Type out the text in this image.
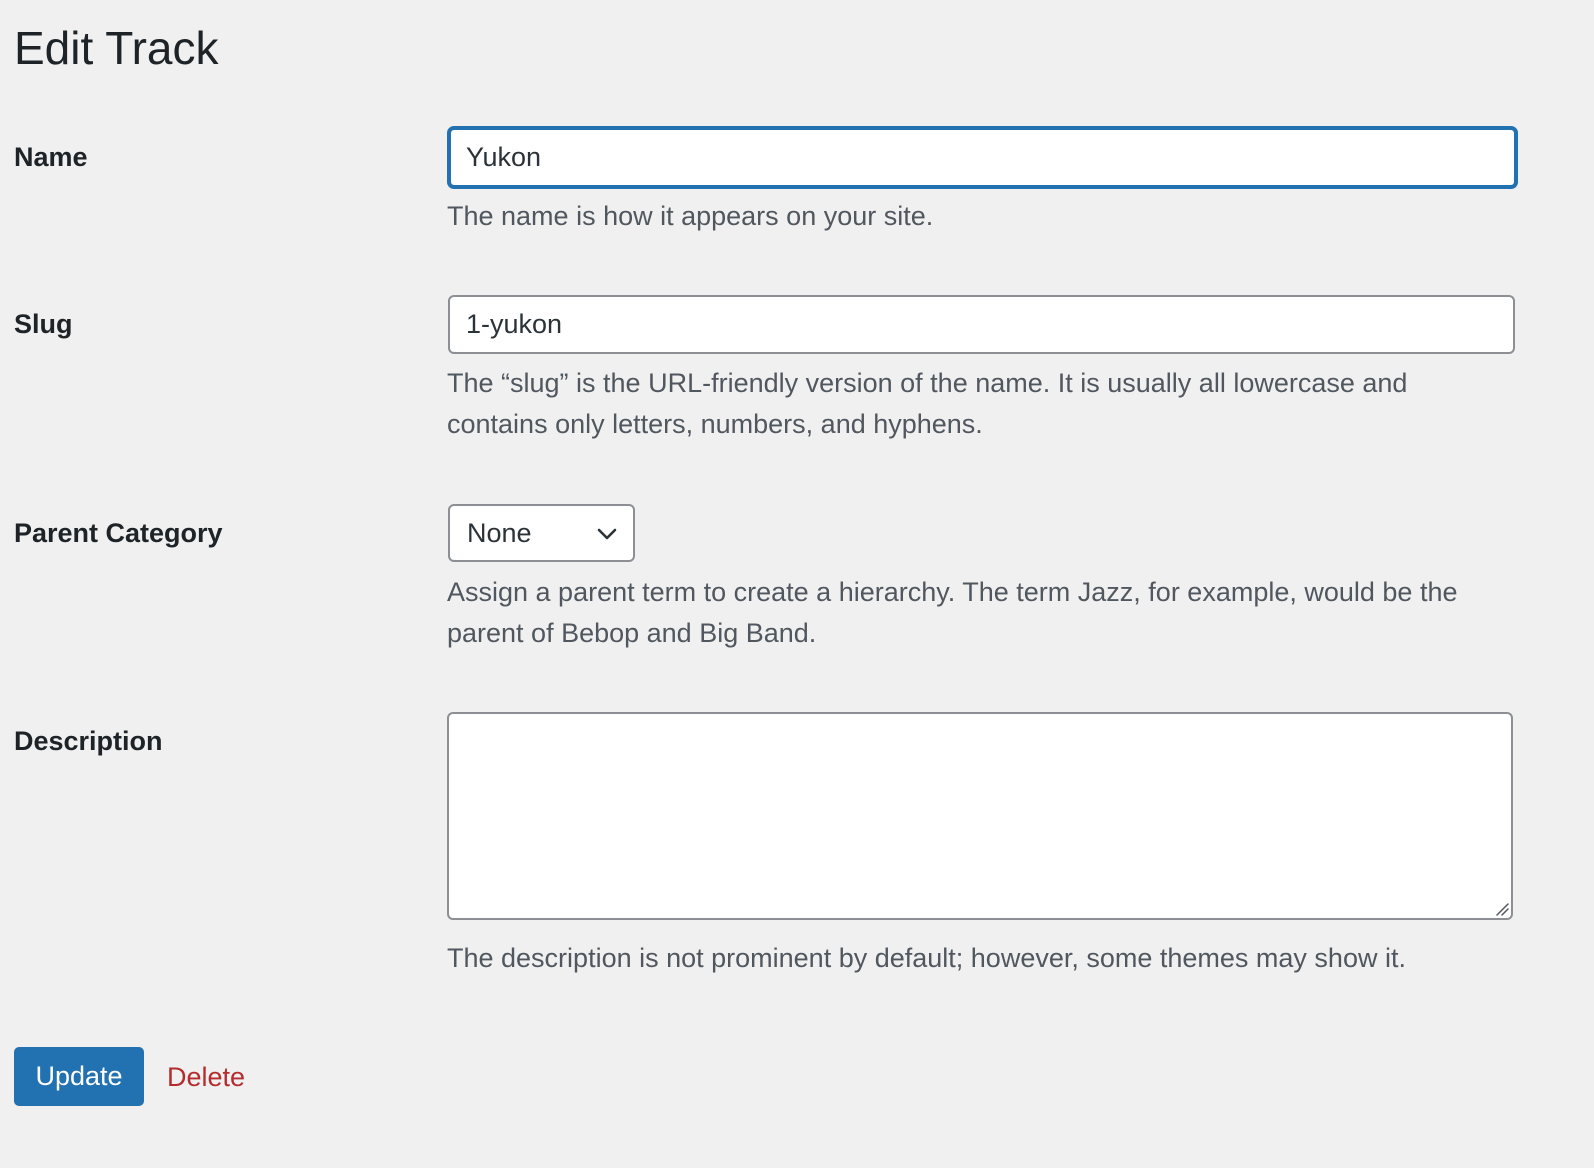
Edit Track
Name
Yukon

The name is how it appears on your site.

Slug
1-yukon

The “slug” is the URL-friendly version of the name. It is usually all lowercase and contains only letters, numbers, and hyphens.

Parent Category	None

Assign a parent term to create a hierarchy. The term Jazz, for example, would be the parent of Bebop and Big Band.

Description

The description is not prominent by default; however, some themes may show it.

Update	Delete
